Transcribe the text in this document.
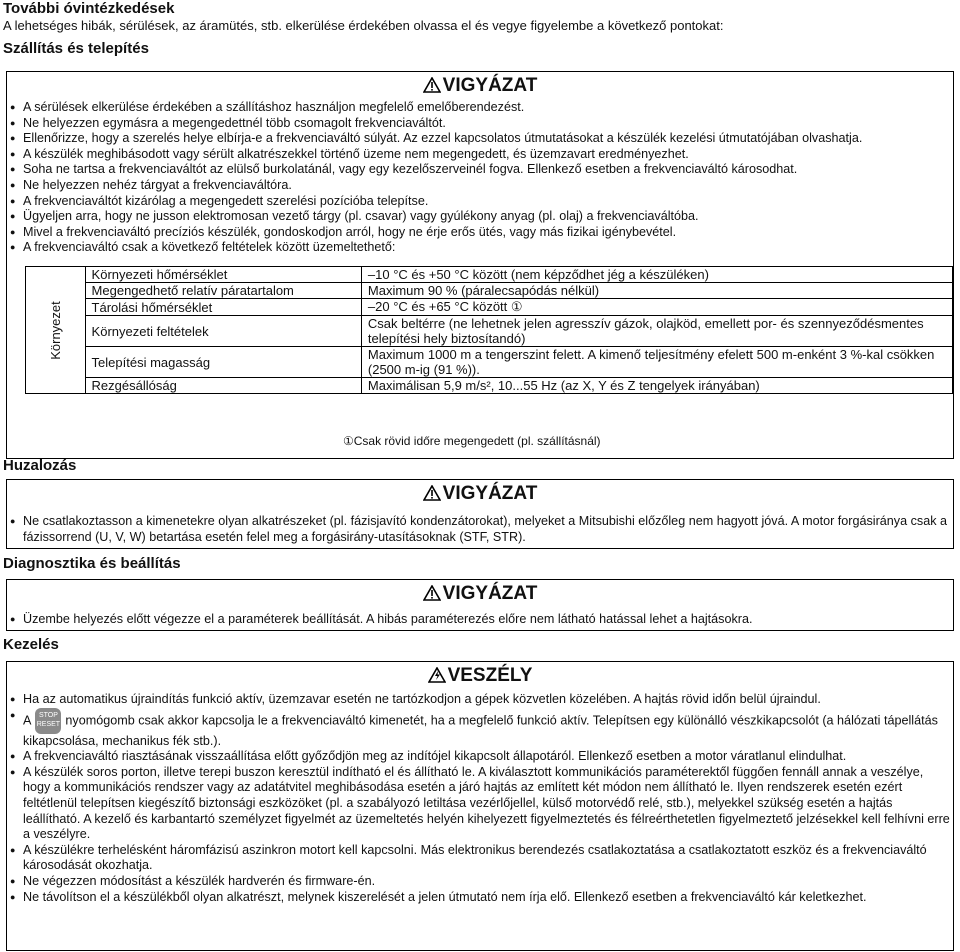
További óvintézkedések
A lehetséges hibák, sérülések, az áramütés, stb. elkerülése érdekében olvassa el és vegye figyelembe a következő pontokat:
Szállítás és telepítés
VIGYÁZAT
● A sérülések elkerülése érdekében a szállításhoz használjon megfelelő emelőberendezést.
● Ne helyezzen egymásra a megengedettnél több csomagolt frekvenciaváltót.
● Ellenőrizze, hogy a szerelés helye elbírja-e a frekvenciaváltó súlyát. Az ezzel kapcsolatos útmutatásokat a készülék kezelési útmutatójában olvashatja.
● A készülék meghibásodott vagy sérült alkatrészekkel történő üzeme nem megengedett, és üzemzavart eredményezhet.
● Soha ne tartsa a frekvenciaváltót az elülső burkolatánál, vagy egy kezelőszerveinél fogva. Ellenkező esetben a frekvenciaváltó károsodhat.
● Ne helyezzen nehéz tárgyat a frekvenciaváltóra.
● A frekvenciaváltót kizárólag a megengedett szerelési pozícióba telepítse.
● Ügyeljen arra, hogy ne jusson elektromosan vezető tárgy (pl. csavar) vagy gyúlékony anyag (pl. olaj) a frekvenciaváltóba.
● Mivel a frekvenciaváltó precíziós készülék, gondoskodjon arról, hogy ne érje erős ütés, vagy más fizikai igénybevétel.
● A frekvenciaváltó csak a következő feltételek között üzemeltethető:
Környezet	Környezeti hőmérséklet	–10 °C és +50 °C között (nem képződhet jég a készüléken)
	Megengedhető relatív páratartalom	Maximum 90 % (páralecsapódás nélkül)
	Tárolási hőmérséklet	–20 °C és +65 °C között ①
	Környezeti feltételek	Csak beltérre (ne lehetnek jelen agresszív gázok, olajköd, emellett por- és szennyeződésmentes telepítési hely biztosítandó)
	Telepítési magasság	Maximum 1000 m a tengerszint felett. A kimenő teljesítmény efelett 500 m-enként 3 %-kal csökken (2500 m-ig (91 %)).
	Rezgésállóság	Maximálisan 5,9 m/s², 10...55 Hz (az X, Y és Z tengelyek irányában)
①Csak rövid időre megengedett (pl. szállításnál)
Huzalozás
VIGYÁZAT
● Ne csatlakoztasson a kimenetekre olyan alkatrészeket (pl. fázisjavító kondenzátorokat), melyeket a Mitsubishi előzőleg nem hagyott jóvá. A motor forgásiránya csak a fázissorrend (U, V, W) betartása esetén felel meg a forgásirány-utasításoknak (STF, STR).
Diagnosztika és beállítás
VIGYÁZAT
● Üzembe helyezés előtt végezze el a paraméterek beállítását. A hibás paraméterezés előre nem látható hatással lehet a hajtásokra.
Kezelés
VESZÉLY
● Ha az automatikus újraindítás funkció aktív, üzemzavar esetén ne tartózkodjon a gépek közvetlen közelében. A hajtás rövid időn belül újraindul.
● A STOP RESET nyomógomb csak akkor kapcsolja le a frekvenciaváltó kimenetét, ha a megfelelő funkció aktív. Telepítsen egy különálló vészkikapcsolót (a hálózati tápellátás kikapcsolása, mechanikus fék stb.).
● A frekvenciaváltó riasztásának visszaállítása előtt győződjön meg az indítójel kikapcsolt állapotáról. Ellenkező esetben a motor váratlanul elindulhat.
● A készülék soros porton, illetve terepi buszon keresztül indítható el és állítható le. A kiválasztott kommunikációs paraméterektől függően fennáll annak a veszélye, hogy a kommunikációs rendszer vagy az adatátvitel meghibásodása esetén a járó hajtás az említett két módon nem állítható le. Ilyen rendszerek esetén ezért feltétlenül telepítsen kiegészítő biztonsági eszközöket (pl. a szabályozó letiltása vezérlőjellel, külső motorvédő relé, stb.), melyekkel szükség esetén a hajtás leállítható. A kezelő és karbantartó személyzet figyelmét az üzemeltetés helyén kihelyezett figyelmeztetés és félreérthetetlen figyelmeztető jelzésekkel kell felhívni erre a veszélyre.
● A készülékre terhelésként háromfázisú aszinkron motort kell kapcsolni. Más elektronikus berendezés csatlakoztatása a csatlakoztatott eszköz és a frekvenciaváltó károsodását okozhatja.
● Ne végezzen módosítást a készülék hardverén és firmware-én.
● Ne távolítson el a készülékből olyan alkatrészt, melynek kiszerelését a jelen útmutató nem írja elő. Ellenkező esetben a frekvenciaváltó kár keletkezhet.
